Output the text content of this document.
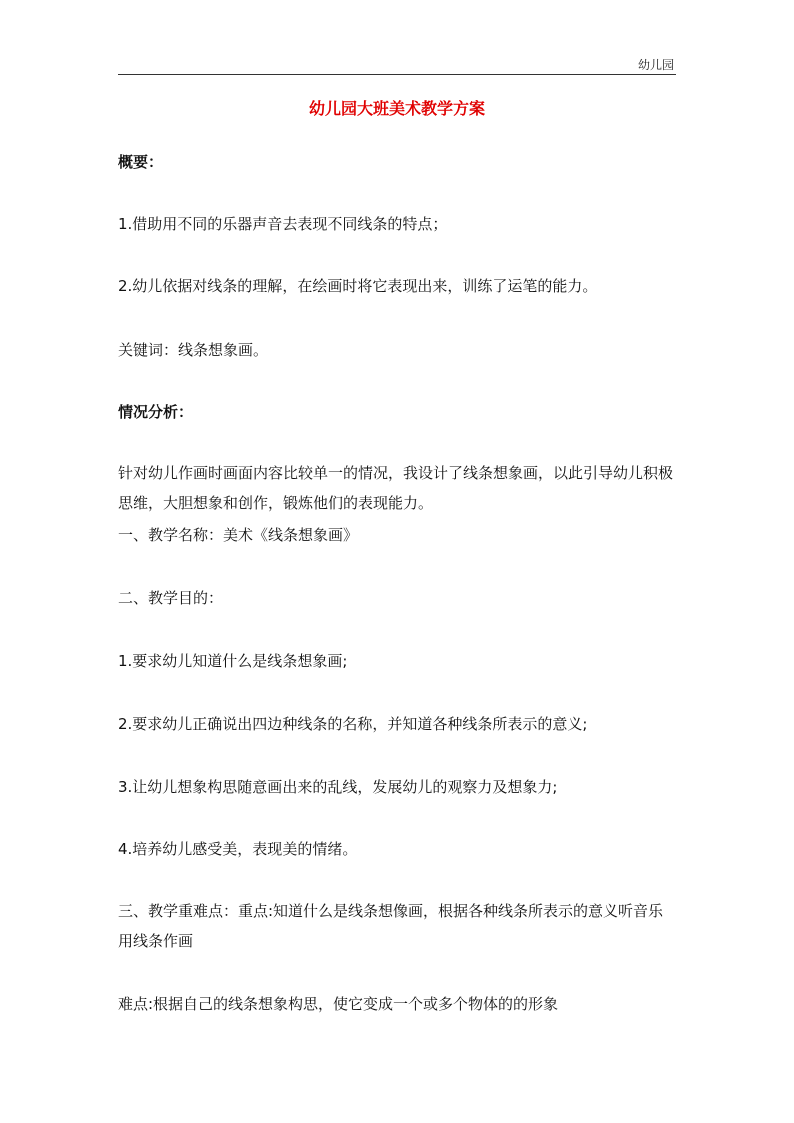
幼儿园
幼儿园大班美术教学方案
概要：
1.借助用不同的乐器声音去表现不同线条的特点；
2.幼儿依据对线条的理解，在绘画时将它表现出来，训练了运笔的能力。
关键词：线条想象画。
情况分析：
针对幼儿作画时画面内容比较单一的情况，我设计了线条想象画，以此引导幼儿积极思维，大胆想象和创作，锻炼他们的表现能力。
一、教学名称：美术《线条想象画》
二、教学目的：
1.要求幼儿知道什么是线条想象画;
2.要求幼儿正确说出四边种线条的名称，并知道各种线条所表示的意义;
3.让幼儿想象构思随意画出来的乱线，发展幼儿的观察力及想象力;
4.培养幼儿感受美，表现美的情绪。
三、教学重难点：重点:知道什么是线条想像画，根据各种线条所表示的意义听音乐用线条作画
难点:根据自己的线条想象构思，使它变成一个或多个物体的的形象
